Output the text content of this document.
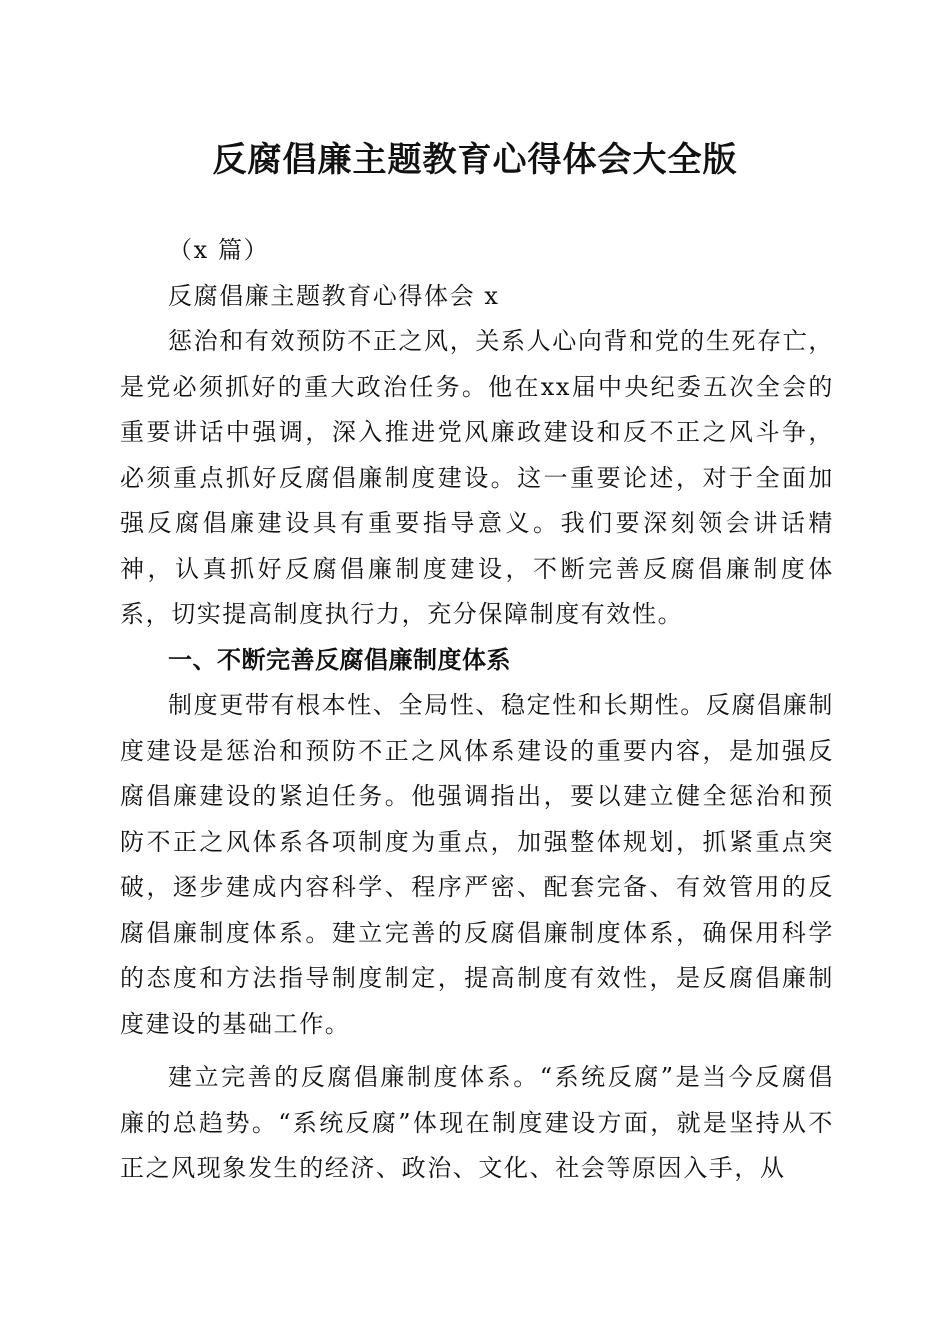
反腐倡廉主题教育心得体会大全版

（x 篇）

反腐倡廉主题教育心得体会 x

惩治和有效预防不正之风，关系人心向背和党的生死存亡，是党必须抓好的重大政治任务。他在xx届中央纪委五次全会的重要讲话中强调，深入推进党风廉政建设和反不正之风斗争，必须重点抓好反腐倡廉制度建设。这一重要论述，对于全面加强反腐倡廉建设具有重要指导意义。我们要深刻领会讲话精神，认真抓好反腐倡廉制度建设，不断完善反腐倡廉制度体系，切实提高制度执行力，充分保障制度有效性。

一、不断完善反腐倡廉制度体系

制度更带有根本性、全局性、稳定性和长期性。反腐倡廉制度建设是惩治和预防不正之风体系建设的重要内容，是加强反腐倡廉建设的紧迫任务。他强调指出，要以建立健全惩治和预防不正之风体系各项制度为重点，加强整体规划，抓紧重点突破，逐步建成内容科学、程序严密、配套完备、有效管用的反腐倡廉制度体系。建立完善的反腐倡廉制度体系，确保用科学的态度和方法指导制度制定，提高制度有效性，是反腐倡廉制度建设的基础工作。

建立完善的反腐倡廉制度体系。“系统反腐”是当今反腐倡廉的总趋势。“系统反腐”体现在制度建设方面，就是坚持从不正之风现象发生的经济、政治、文化、社会等原因入手，从
